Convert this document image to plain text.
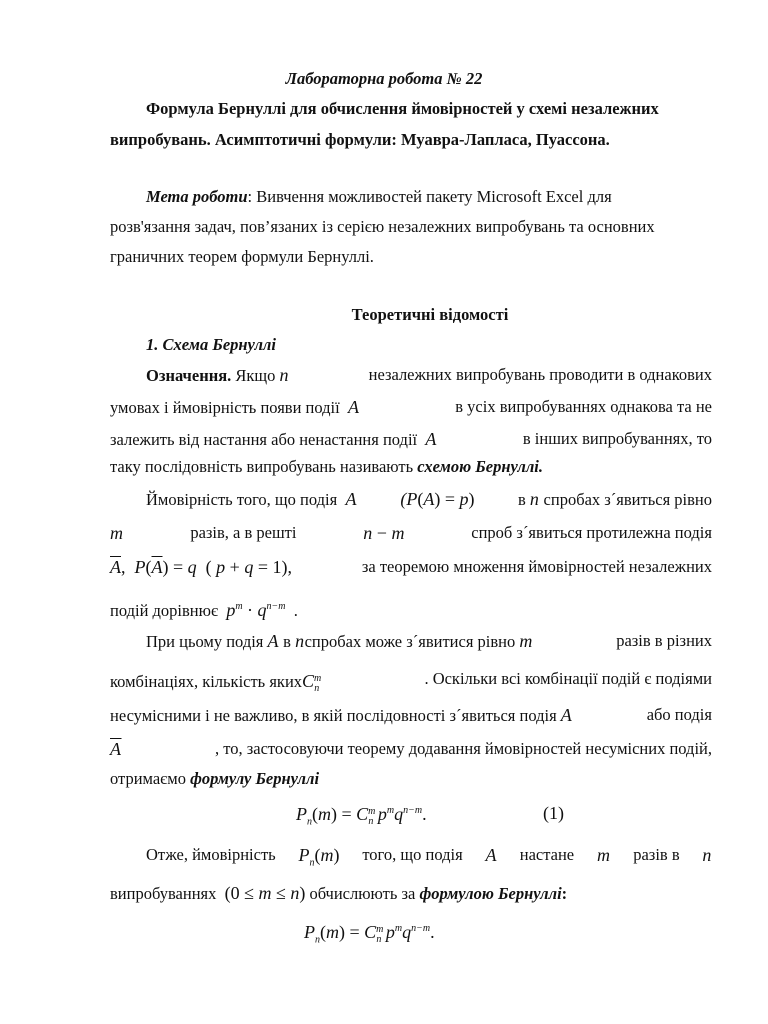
Лабораторна робота № 22
Формула Бернуллі для обчислення ймовірностей у схемі незалежних
випробувань. Асимптотичні формули: Муавра-Лапласа, Пуассона.
Мета роботи: Вивчення можливостей пакету Microsoft Excel для
розв'язання задач, пов’язаних із серією незалежних випробувань та основних
граничних теорем формули Бернуллі.
Теоретичні відомості
1. Схема Бернуллі
Означення. Якщо n	незалежних випробувань проводити в однакових
умовах і ймовірність появи події A	в усіх випробуваннях однакова та не
залежить від настання або ненастання події A	в інших випробуваннях, то
таку послідовність випробувань називають схемою Бернуллі.
Ймовірність того, що подія A (P(A) = p)	в n спробах з´явиться рівно
m	разів, а в решті	n − m	спроб з´явиться протилежна подія
$\overline{A}$,  $P(\overline{A}) = q$  ( p + q = 1),	за теоремою множення ймовірностей незалежних
подій дорівнює $p^m \cdot q^{n-m}$  .
При цьому подія A в nспробах може з´явитися рівно m	разів в різних
комбінаціях, кількість якихC$^m_n$
. Оскільки всі комбінації подій є подіями
несумісними і не важливо, в якій послідовності з´явиться подія A	або подія
$\overline{A}$	, то, застосовуючи теорему додавання ймовірностей несумісних подій,
отримаємо формулу Бернуллі
$P_n(m) = C^m_n$ $p^mq^{n-m}$.	(1)
Отже, ймовірність $P_n(m)$ того, що подія A настане m разів в n
випробуваннях (0 ≤ m ≤ n) обчислюють за формулою Бернуллі:
$P_n(m) = C^m_n$ $p^mq^{n-m}$.
